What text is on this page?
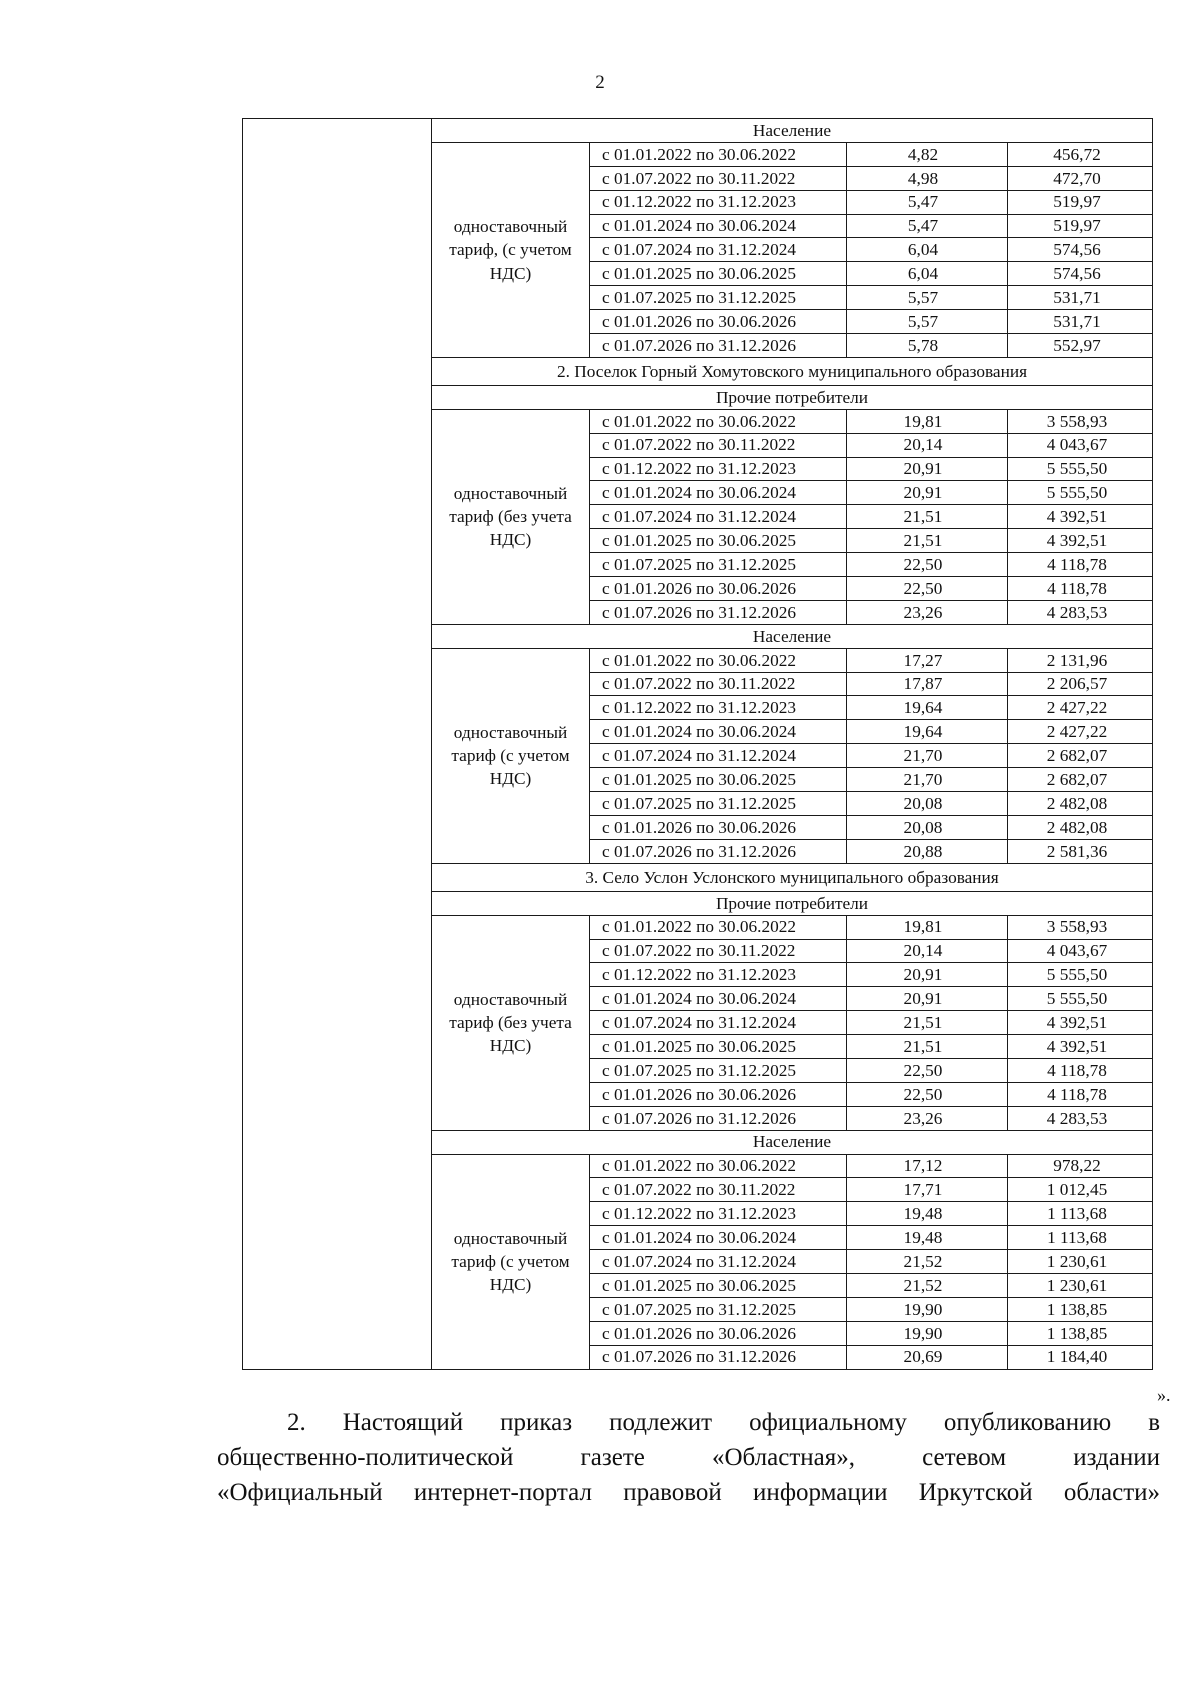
2
	Население			
	одноставочный тариф, (с учетом НДС)	с 01.01.2022 по 30.06.2022	4,82	456,72
		с 01.07.2022 по 30.11.2022	4,98	472,70
		с 01.12.2022 по 31.12.2023	5,47	519,97
		с 01.01.2024 по 30.06.2024	5,47	519,97
		с 01.07.2024 по 31.12.2024	6,04	574,56
		с 01.01.2025 по 30.06.2025	6,04	574,56
		с 01.07.2025 по 31.12.2025	5,57	531,71
		с 01.01.2026 по 30.06.2026	5,57	531,71
		с 01.07.2026 по 31.12.2026	5,78	552,97
	2. Поселок Горный Хомутовского муниципального образования			
	Прочие потребители			
	одноставочный тариф (без учета НДС)	с 01.01.2022 по 30.06.2022	19,81	3 558,93
		с 01.07.2022 по 30.11.2022	20,14	4 043,67
		с 01.12.2022 по 31.12.2023	20,91	5 555,50
		с 01.01.2024 по 30.06.2024	20,91	5 555,50
		с 01.07.2024 по 31.12.2024	21,51	4 392,51
		с 01.01.2025 по 30.06.2025	21,51	4 392,51
		с 01.07.2025 по 31.12.2025	22,50	4 118,78
		с 01.01.2026 по 30.06.2026	22,50	4 118,78
		с 01.07.2026 по 31.12.2026	23,26	4 283,53
	Население			
	одноставочный тариф (с учетом НДС)	с 01.01.2022 по 30.06.2022	17,27	2 131,96
		с 01.07.2022 по 30.11.2022	17,87	2 206,57
		с 01.12.2022 по 31.12.2023	19,64	2 427,22
		с 01.01.2024 по 30.06.2024	19,64	2 427,22
		с 01.07.2024 по 31.12.2024	21,70	2 682,07
		с 01.01.2025 по 30.06.2025	21,70	2 682,07
		с 01.07.2025 по 31.12.2025	20,08	2 482,08
		с 01.01.2026 по 30.06.2026	20,08	2 482,08
		с 01.07.2026 по 31.12.2026	20,88	2 581,36
	3. Село Услон Услонского муниципального образования			
	Прочие потребители			
	одноставочный тариф (без учета НДС)	с 01.01.2022 по 30.06.2022	19,81	3 558,93
		с 01.07.2022 по 30.11.2022	20,14	4 043,67
		с 01.12.2022 по 31.12.2023	20,91	5 555,50
		с 01.01.2024 по 30.06.2024	20,91	5 555,50
		с 01.07.2024 по 31.12.2024	21,51	4 392,51
		с 01.01.2025 по 30.06.2025	21,51	4 392,51
		с 01.07.2025 по 31.12.2025	22,50	4 118,78
		с 01.01.2026 по 30.06.2026	22,50	4 118,78
		с 01.07.2026 по 31.12.2026	23,26	4 283,53
	Население			
	одноставочный тариф (с учетом НДС)	с 01.01.2022 по 30.06.2022	17,12	978,22
		с 01.07.2022 по 30.11.2022	17,71	1 012,45
		с 01.12.2022 по 31.12.2023	19,48	1 113,68
		с 01.01.2024 по 30.06.2024	19,48	1 113,68
		с 01.07.2024 по 31.12.2024	21,52	1 230,61
		с 01.01.2025 по 30.06.2025	21,52	1 230,61
		с 01.07.2025 по 31.12.2025	19,90	1 138,85
		с 01.01.2026 по 30.06.2026	19,90	1 138,85
		с 01.07.2026 по 31.12.2026	20,69	1 184,40
».
2. Настоящий приказ подлежит официальному опубликованию в
общественно-политической газете «Областная», сетевом издании
«Официальный интернет-портал правовой информации Иркутской области»
